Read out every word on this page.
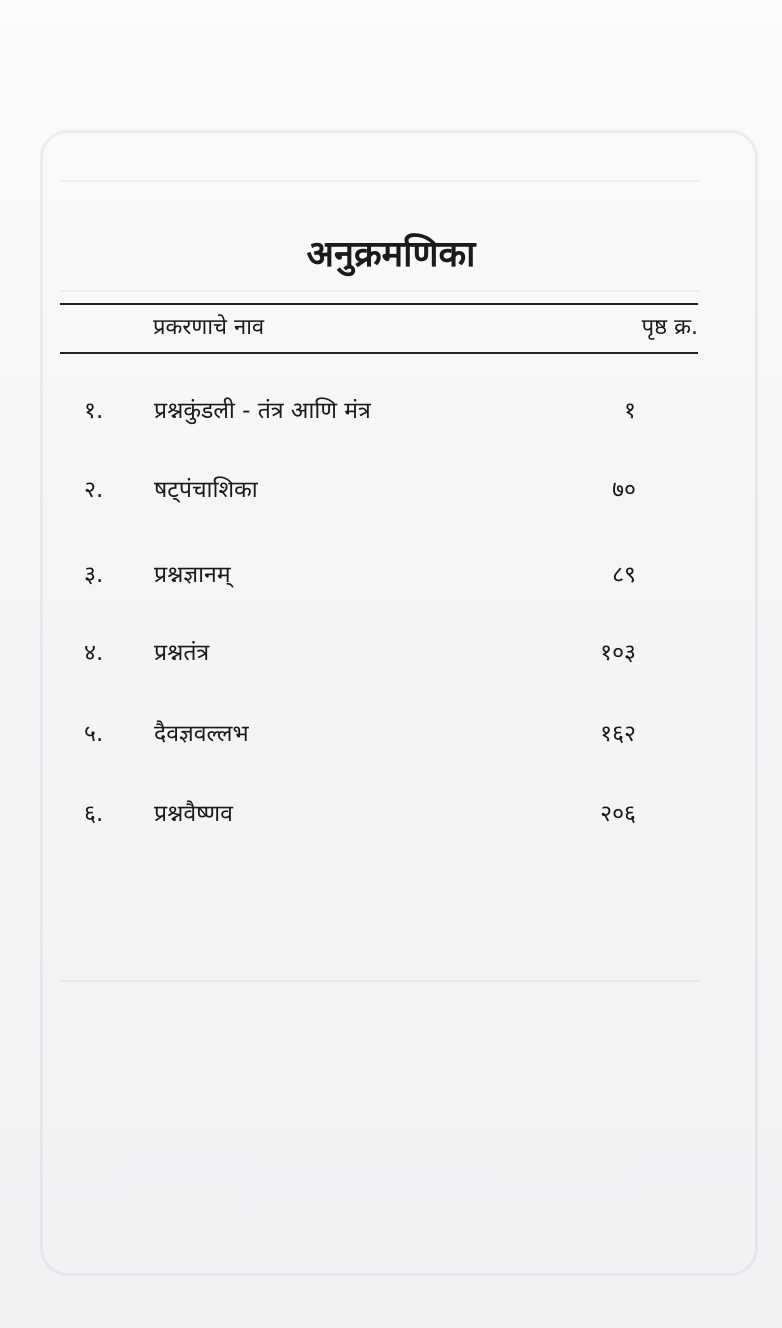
अनुक्रमणिका
प्रकरणाचे नाव	पृष्ठ क्र.
१. प्रश्नकुंडली - तंत्र आणि मंत्र	१
२. षट्पंचाशिका	७०
३. प्रश्नज्ञानम्	८९
४. प्रश्नतंत्र	१०३
५. दैवज्ञवल्लभ	१६२
६. प्रश्नवैष्णव	२०६
